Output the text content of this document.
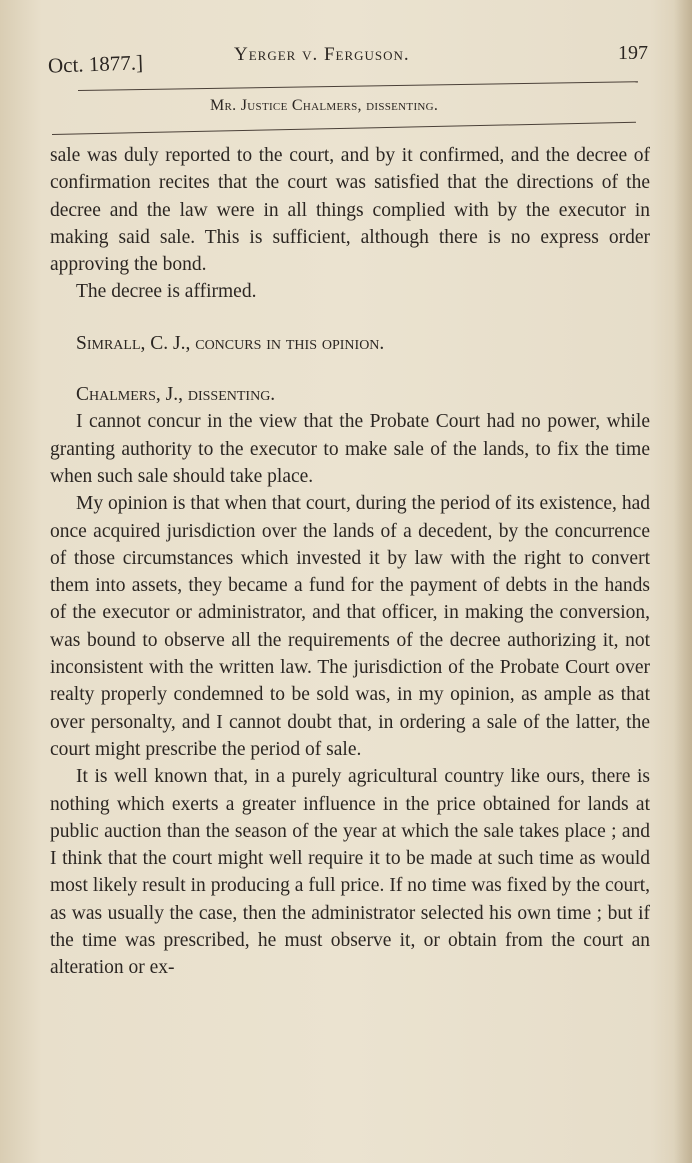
Oct. 1877.]	Yerger v. Ferguson.	197
Mr. Justice Chalmers, dissenting.

sale was duly reported to the court, and by it confirmed, and the decree of confirmation recites that the court was satisfied that the directions of the decree and the law were in all things complied with by the executor in making said sale. This is sufficient, although there is no express order approving the bond.

The decree is affirmed.

Simrall, C. J., concurs in this opinion.

Chalmers, J., dissenting.

I cannot concur in the view that the Probate Court had no power, while granting authority to the executor to make sale of the lands, to fix the time when such sale should take place.

My opinion is that when that court, during the period of its existence, had once acquired jurisdiction over the lands of a decedent, by the concurrence of those circumstances which invested it by law with the right to convert them into assets, they became a fund for the payment of debts in the hands of the executor or administrator, and that officer, in making the conversion, was bound to observe all the requirements of the decree authorizing it, not inconsistent with the written law. The jurisdiction of the Probate Court over realty properly condemned to be sold was, in my opinion, as ample as that over personalty, and I cannot doubt that, in ordering a sale of the latter, the court might prescribe the period of sale.

It is well known that, in a purely agricultural country like ours, there is nothing which exerts a greater influence in the price obtained for lands at public auction than the season of the year at which the sale takes place ; and I think that the court might well require it to be made at such time as would most likely result in producing a full price. If no time was fixed by the court, as was usually the case, then the administrator selected his own time ; but if the time was prescribed, he must observe it, or obtain from the court an alteration or ex-
